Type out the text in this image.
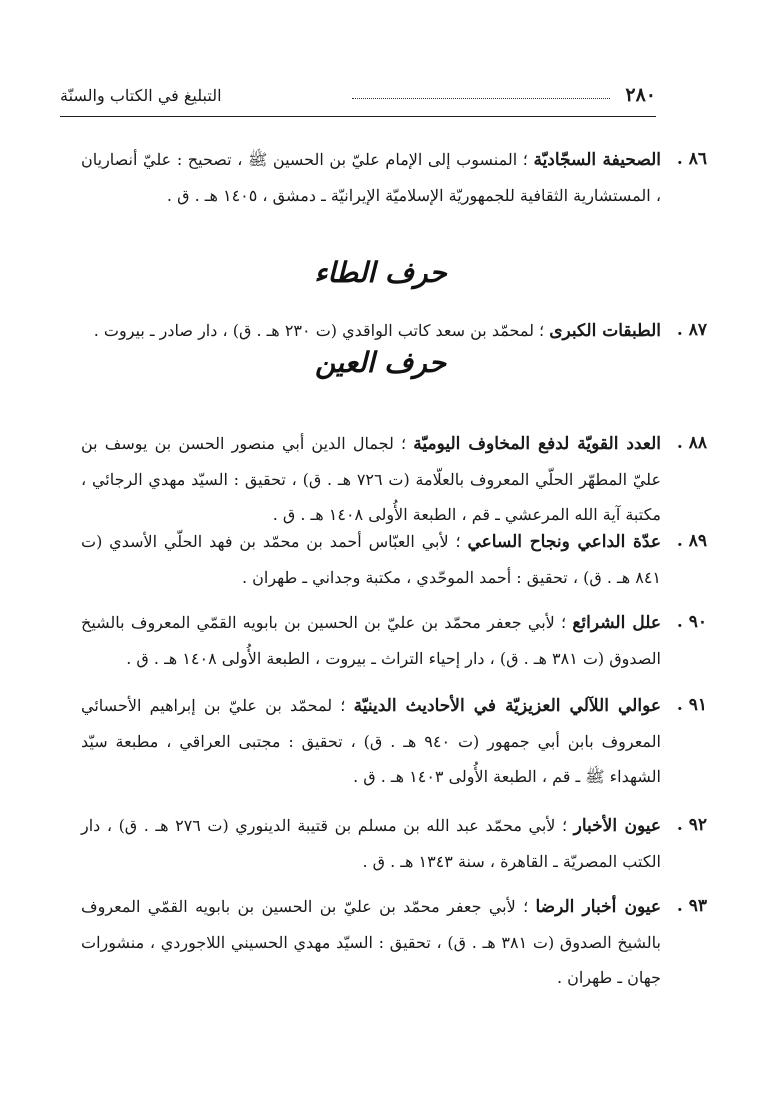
٢٨٠
التبليغ في الكتاب والسنّة
٨٦ .
الصحيفة السجّاديّة ؛ المنسوب إلى الإمام عليّ بن الحسين ﷺ ، تصحيح : عليّ أنصاريان ، المستشارية الثقافية للجمهوريّة الإسلاميّة الإيرانيّة ـ دمشق ، ١٤٠٥ هـ . ق .
حرف الطاء
٨٧ .
الطبقات الكبرى ؛ لمحمّد بن سعد كاتب الواقدي (ت ٢٣٠ هـ . ق) ، دار صادر ـ بيروت .
حرف العين
٨٨ .
العدد القويّة لدفع المخاوف اليوميّة ؛ لجمال الدين أبي منصور الحسن بن يوسف بن عليّ المطهّر الحلّي المعروف بالعلّامة (ت ٧٢٦ هـ . ق) ، تحقيق : السيّد مهدي الرجائي ، مكتبة آية الله المرعشي ـ قم ، الطبعة الأُولى ١٤٠٨ هـ . ق .
٨٩ .
عدّة الداعي ونجاح الساعي ؛ لأبي العبّاس أحمد بن محمّد بن فهد الحلّي الأسدي (ت ٨٤١ هـ . ق) ، تحقيق : أحمد الموحّدي ، مكتبة وجداني ـ طهران .
٩٠ .
علل الشرائع ؛ لأبي جعفر محمّد بن عليّ بن الحسين بن بابويه القمّي المعروف بالشيخ الصدوق (ت ٣٨١ هـ . ق) ، دار إحياء التراث ـ بيروت ، الطبعة الأُولى ١٤٠٨ هـ . ق .
٩١ .
عوالي اللآلي العزيزيّة في الأحاديث الدينيّة ؛ لمحمّد بن عليّ بن إبراهيم الأحسائي المعروف بابن أبي جمهور (ت ٩٤٠ هـ . ق) ، تحقيق : مجتبى العراقي ، مطبعة سيّد الشهداء ﷺ ـ قم ، الطبعة الأُولى ١٤٠٣ هـ . ق .
٩٢ .
عيون الأخبار ؛ لأبي محمّد عبد الله بن مسلم بن قتيبة الدينوري (ت ٢٧٦ هـ . ق) ، دار الكتب المصريّة ـ القاهرة ، سنة ١٣٤٣ هـ . ق .
٩٣ .
عيون أخبار الرضا ؛ لأبي جعفر محمّد بن عليّ بن الحسين بن بابويه القمّي المعروف بالشيخ الصدوق (ت ٣٨١ هـ . ق) ، تحقيق : السيّد مهدي الحسيني اللاجوردي ، منشورات جهان ـ طهران .
